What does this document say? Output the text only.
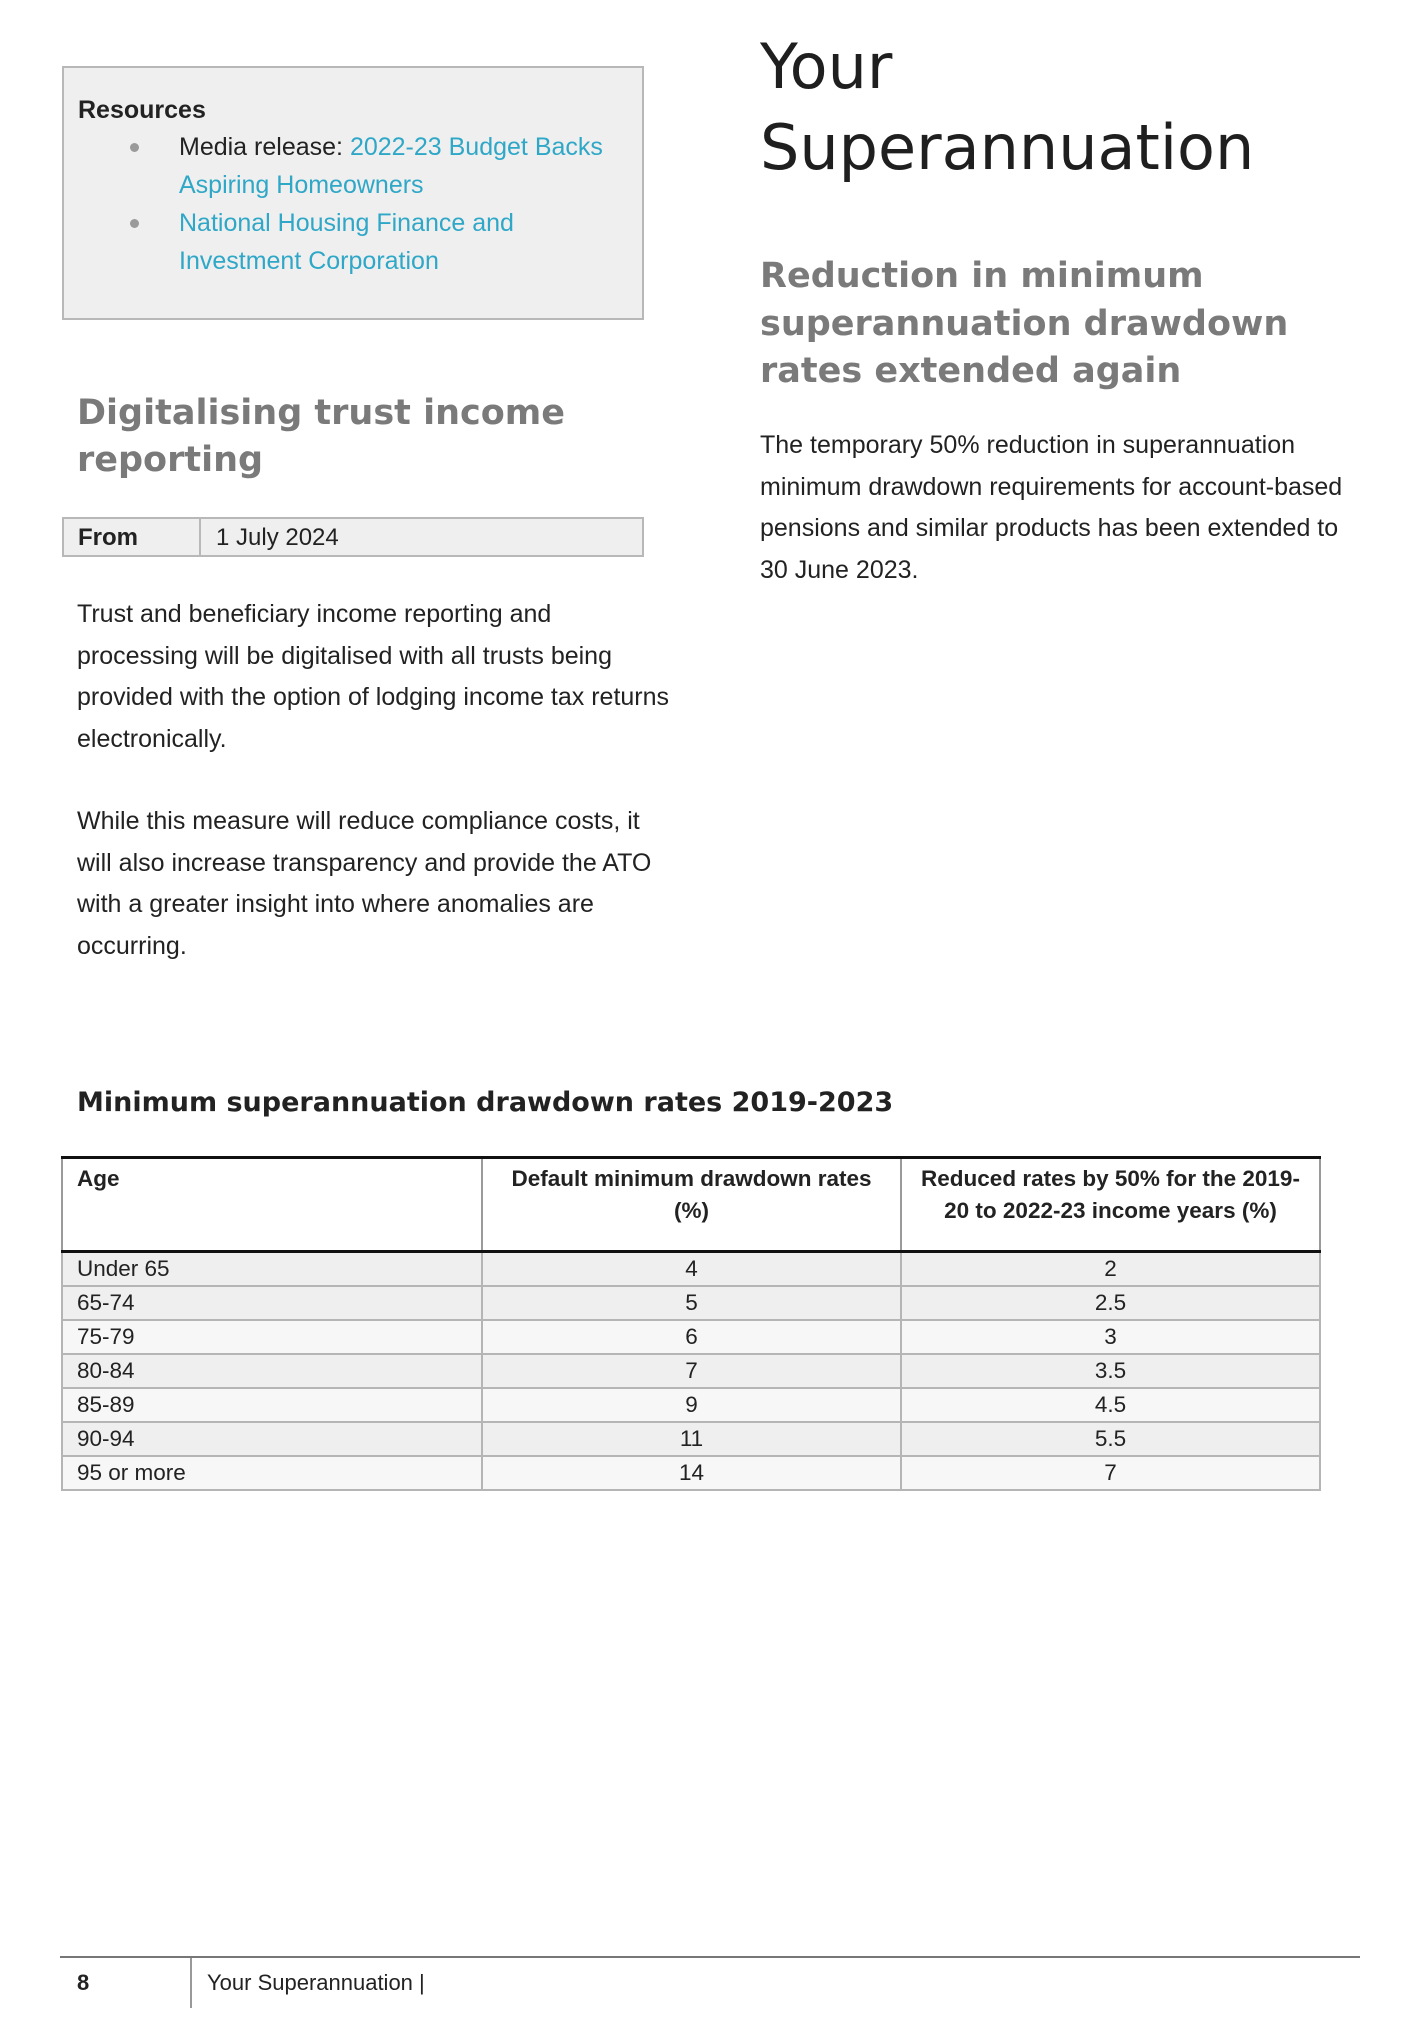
Resources
Media release: 2022-23 Budget Backs Aspiring Homeowners
National Housing Finance and Investment Corporation
Digitalising trust income reporting
From	1 July 2024
Trust and beneficiary income reporting and processing will be digitalised with all trusts being provided with the option of lodging income tax returns electronically.
While this measure will reduce compliance costs, it will also increase transparency and provide the ATO with a greater insight into where anomalies are occurring.
Your Superannuation
Reduction in minimum superannuation drawdown rates extended again
The temporary 50% reduction in superannuation minimum drawdown requirements for account-based pensions and similar products has been extended to 30 June 2023.
Minimum superannuation drawdown rates 2019-2023
Age	Default minimum drawdown rates (%)	Reduced rates by 50% for the 2019-20 to 2022-23 income years (%)
Under 65	4	2
65-74	5	2.5
75-79	6	3
80-84	7	3.5
85-89	9	4.5
90-94	11	5.5
95 or more	14	7
8	Your Superannuation |
